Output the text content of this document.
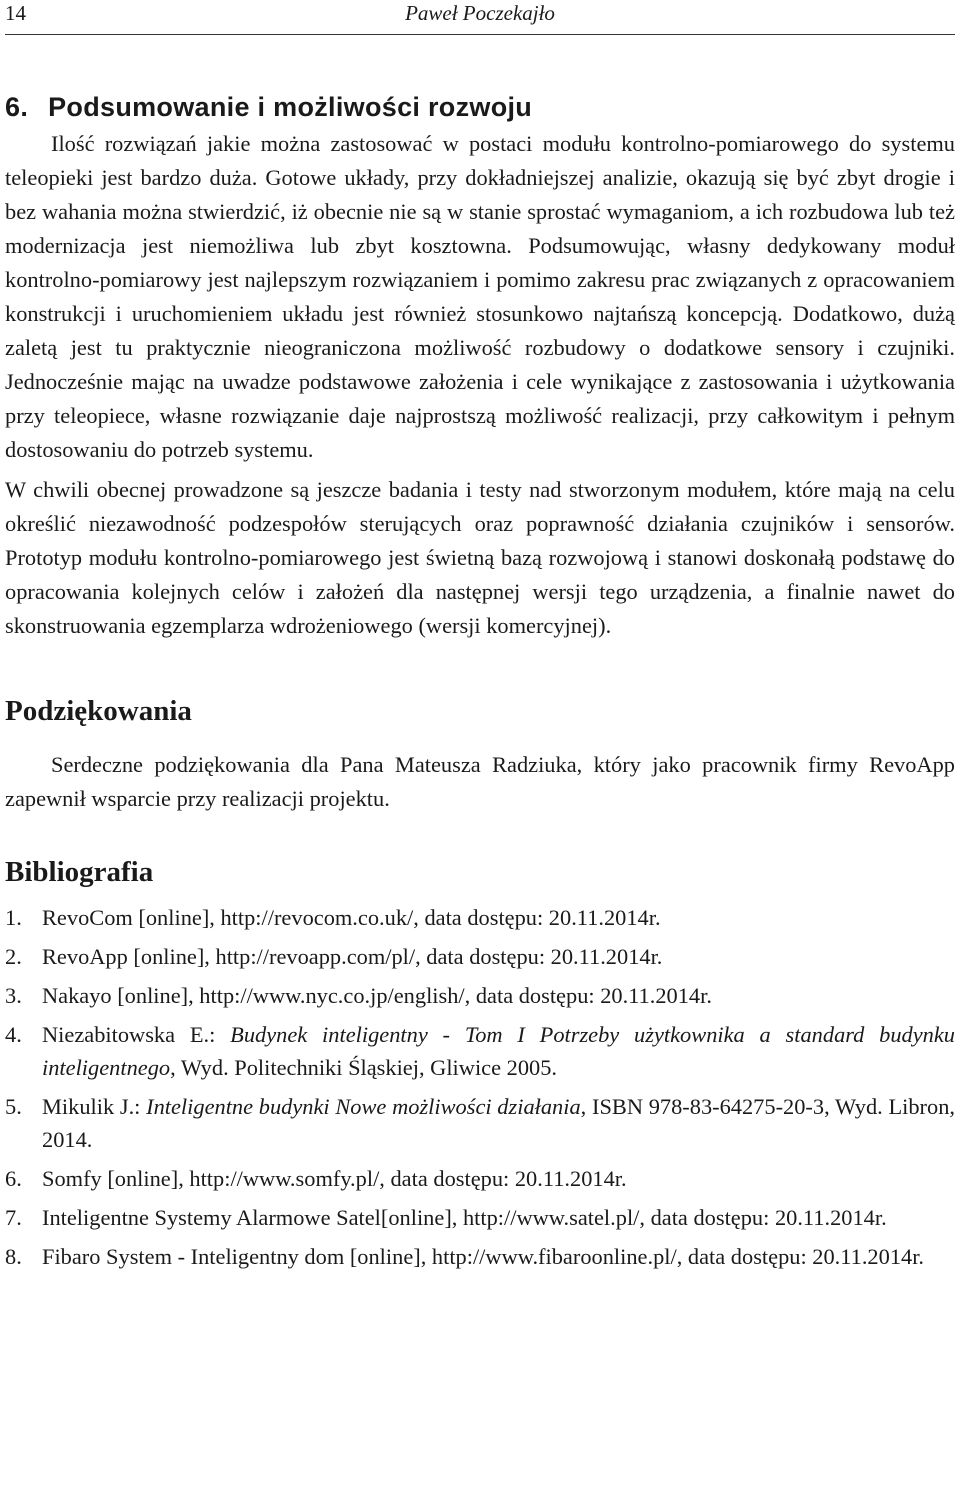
14	Paweł Poczekajło
6. Podsumowanie i możliwości rozwoju

Ilość rozwiązań jakie można zastosować w postaci modułu kontrolno-pomiarowego do systemu teleopieki jest bardzo duża. Gotowe układy, przy dokładniejszej analizie, okazują się być zbyt drogie i bez wahania można stwierdzić, iż obecnie nie są w stanie sprostać wymaganiom, a ich rozbudowa lub też modernizacja jest niemożliwa lub zbyt kosztowna. Podsumowując, własny dedykowany moduł kontrolno-pomiarowy jest najlepszym rozwiązaniem i pomimo zakresu prac związanych z opracowaniem konstrukcji i uruchomieniem układu jest również stosunkowo najtańszą koncepcją. Dodatkowo, dużą zaletą jest tu praktycznie nieograniczona możliwość rozbudowy o dodatkowe sensory i czujniki. Jednocześnie mając na uwadze podstawowe założenia i cele wynikające z zastosowania i użytkowania przy teleopiece, własne rozwiązanie daje najprostszą możliwość realizacji, przy całkowitym i pełnym dostosowaniu do potrzeb systemu.

W chwili obecnej prowadzone są jeszcze badania i testy nad stworzonym modułem, które mają na celu określić niezawodność podzespołów sterujących oraz poprawność działania czujników i sensorów. Prototyp modułu kontrolno-pomiarowego jest świetną bazą rozwojową i stanowi doskonałą podstawę do opracowania kolejnych celów i założeń dla następnej wersji tego urządzenia, a finalnie nawet do skonstruowania egzemplarza wdrożeniowego (wersji komercyjnej).

Podziękowania

Serdeczne podziękowania dla Pana Mateusza Radziuka, który jako pracownik firmy RevoApp zapewnił wsparcie przy realizacji projektu.

Bibliografia
1. RevoCom [online], http://revocom.co.uk/, data dostępu: 20.11.2014r.
2. RevoApp [online], http://revoapp.com/pl/, data dostępu: 20.11.2014r.
3. Nakayo [online], http://www.nyc.co.jp/english/, data dostępu: 20.11.2014r.
4. Niezabitowska E.: Budynek inteligentny - Tom I Potrzeby użytkownika a standard budynku inteligentnego, Wyd. Politechniki Śląskiej, Gliwice 2005.
5. Mikulik J.: Inteligentne budynki Nowe możliwości działania, ISBN 978-83-64275-20-3, Wyd. Libron, 2014.
6. Somfy [online], http://www.somfy.pl/, data dostępu: 20.11.2014r.
7. Inteligentne Systemy Alarmowe Satel[online], http://www.satel.pl/, data dostępu: 20.11.2014r.
8. Fibaro System - Inteligentny dom [online], http://www.fibaroonline.pl/, data dostępu: 20.11.2014r.
